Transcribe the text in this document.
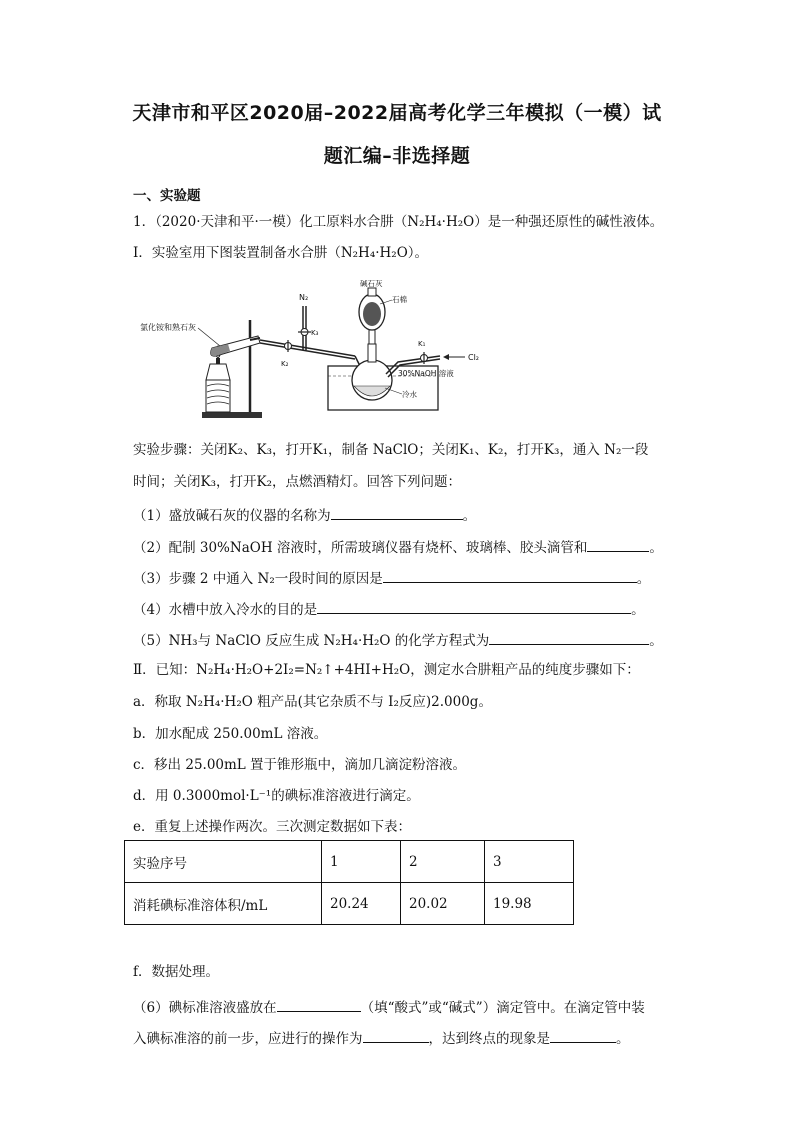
天津市和平区2020届–2022届高考化学三年模拟（一模）试
题汇编–非选择题
一、实验题
1．（2020·天津和平·一模）化工原料水合肼（N₂H₄·H₂O）是一种强还原性的碱性液体。
Ⅰ．实验室用下图装置制备水合肼（N₂H₄·H₂O）。
氯化铵和熟石灰
K₂
N₂
K₃
碱石灰
石棉
K₁
Cl₂
30%NaOH 溶液
冷水
实验步骤：关闭K₂、K₃，打开K₁，制备 NaClO；关闭K₁、K₂，打开K₃，通入 N₂一段
时间；关闭K₃，打开K₂，点燃酒精灯。回答下列问题：
（1）盛放碱石灰的仪器的名称为	。
（2）配制 30%NaOH 溶液时，所需玻璃仪器有烧杯、玻璃棒、胶头滴管和	。
（3）步骤 2 中通入 N₂一段时间的原因是	。
（4）水槽中放入冷水的目的是	。
（5）NH₃与 NaClO 反应生成 N₂H₄·H₂O 的化学方程式为	。
Ⅱ．已知：N₂H₄·H₂O+2I₂=N₂↑+4HI+H₂O，测定水合肼粗产品的纯度步骤如下：
a．称取 N₂H₄·H₂O 粗产品(其它杂质不与 I₂反应)2.000g。
b．加水配成 250.00mL 溶液。
c．移出 25.00mL 置于锥形瓶中，滴加几滴淀粉溶液。
d．用 0.3000mol·L⁻¹的碘标准溶液进行滴定。
e．重复上述操作两次。三次测定数据如下表：
实验序号	1	2	3
消耗碘标准溶体积/mL	20.24	20.02	19.98
f．数据处理。
（6）碘标准溶液盛放在	（填“酸式”或“碱式”）滴定管中。在滴定管中装
入碘标准溶的前一步，应进行的操作为	，达到终点的现象是	。
